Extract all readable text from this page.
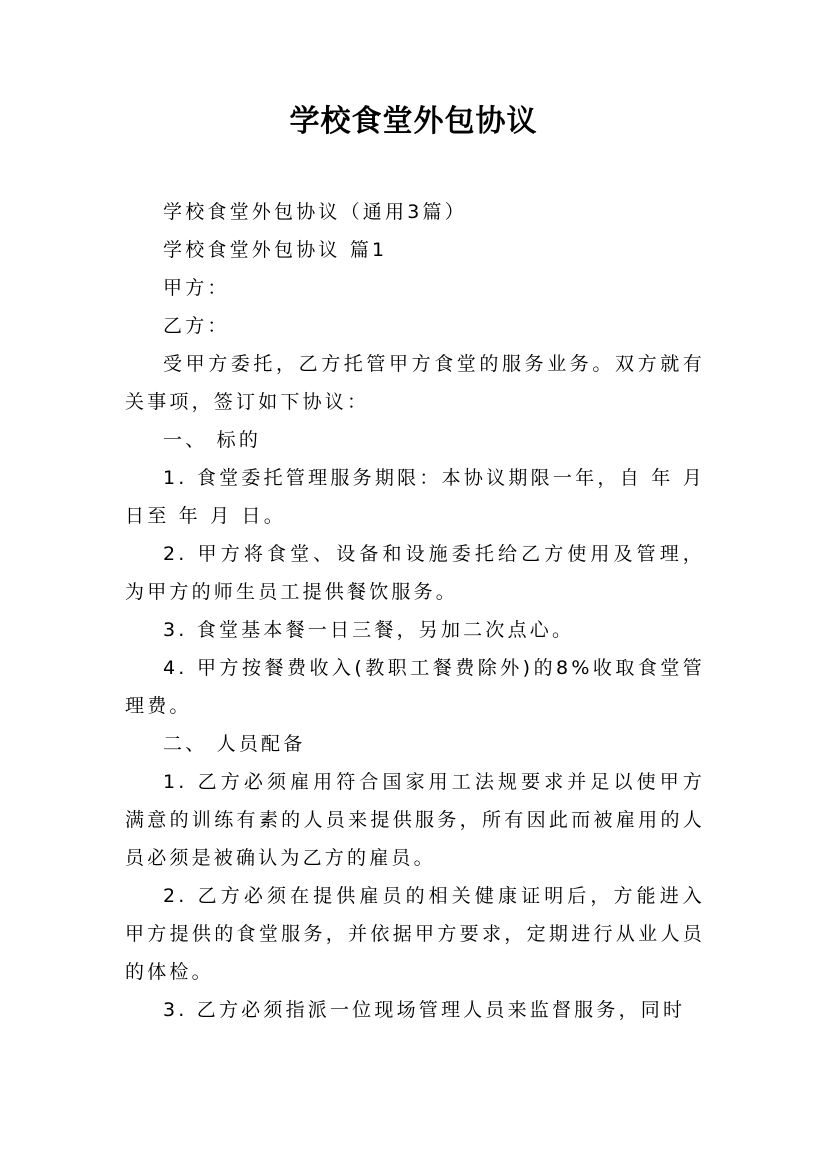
学校食堂外包协议

学校食堂外包协议（通用3篇）

学校食堂外包协议 篇1

甲方：

乙方：

受甲方委托，乙方托管甲方食堂的服务业务。双方就有关事项，签订如下协议：

一、 标的

1. 食堂委托管理服务期限：本协议期限一年，自 年 月 日至 年 月 日。

2. 甲方将食堂、设备和设施委托给乙方使用及管理，为甲方的师生员工提供餐饮服务。

3. 食堂基本餐一日三餐，另加二次点心。

4. 甲方按餐费收入(教职工餐费除外)的8%收取食堂管理费。

二、 人员配备

1. 乙方必须雇用符合国家用工法规要求并足以使甲方满意的训练有素的人员来提供服务，所有因此而被雇用的人员必须是被确认为乙方的雇员。

2. 乙方必须在提供雇员的相关健康证明后，方能进入甲方提供的食堂服务，并依据甲方要求，定期进行从业人员的体检。

3. 乙方必须指派一位现场管理人员来监督服务，同时
